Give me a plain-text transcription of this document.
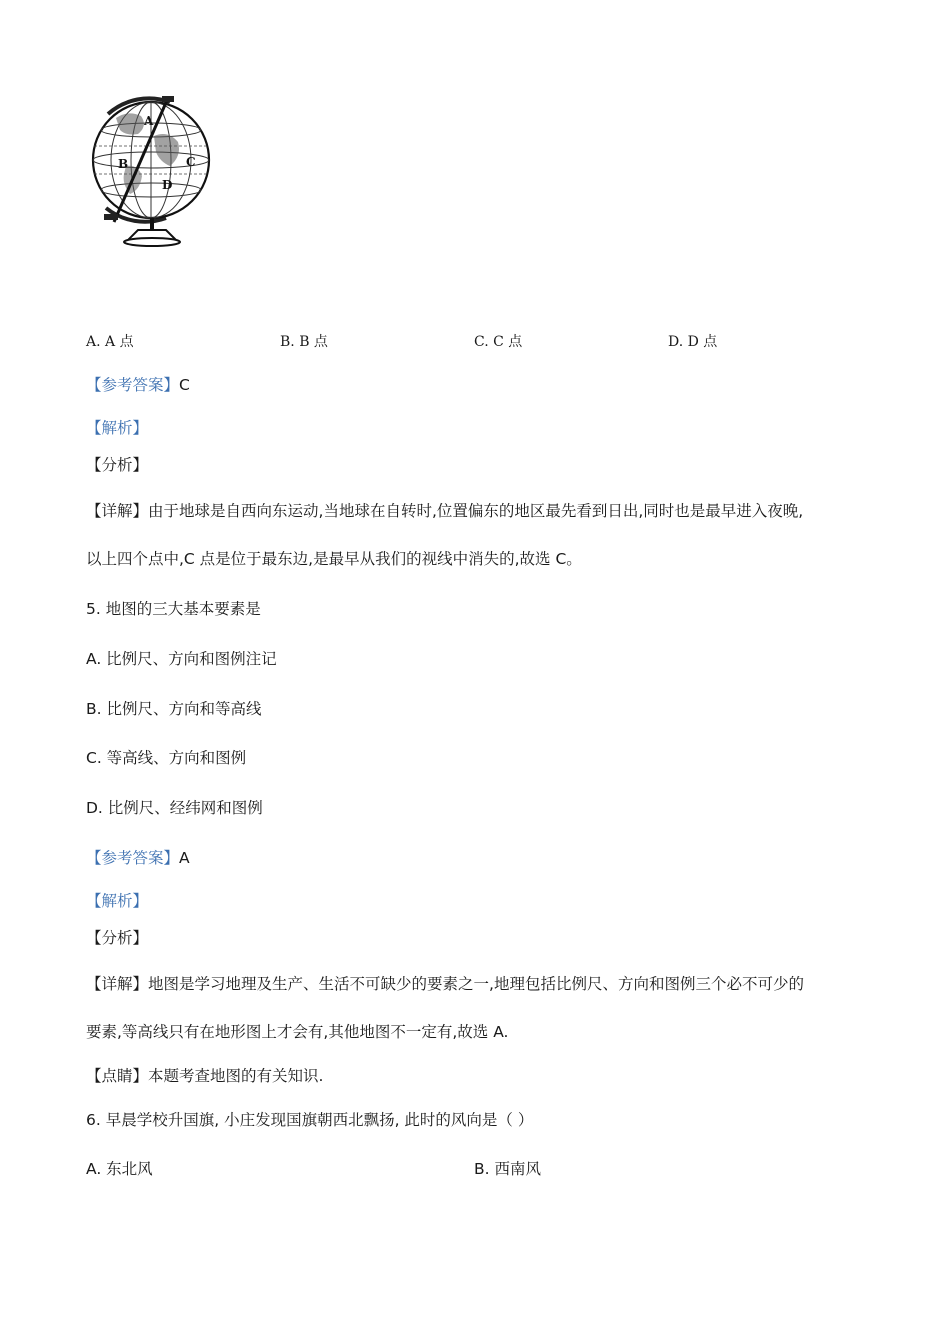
A
B	C
D
A. A 点	B. B 点	C. C 点	D. D 点
【参考答案】C
【解析】
【分析】
【详解】由于地球是自西向东运动,当地球在自转时,位置偏东的地区最先看到日出,同时也是最早进入夜晚,
以上四个点中,C 点是位于最东边,是最早从我们的视线中消失的,故选 C。
5. 地图的三大基本要素是
A. 比例尺、方向和图例注记
B. 比例尺、方向和等高线
C. 等高线、方向和图例
D. 比例尺、经纬网和图例
【参考答案】A
【解析】
【分析】
【详解】地图是学习地理及生产、生活不可缺少的要素之一,地理包括比例尺、方向和图例三个必不可少的
要素,等高线只有在地形图上才会有,其他地图不一定有,故选 A.
【点睛】本题考查地图的有关知识.
6. 早晨学校升国旗, 小庄发现国旗朝西北飘扬, 此时的风向是（ ）
A. 东北风	B. 西南风
